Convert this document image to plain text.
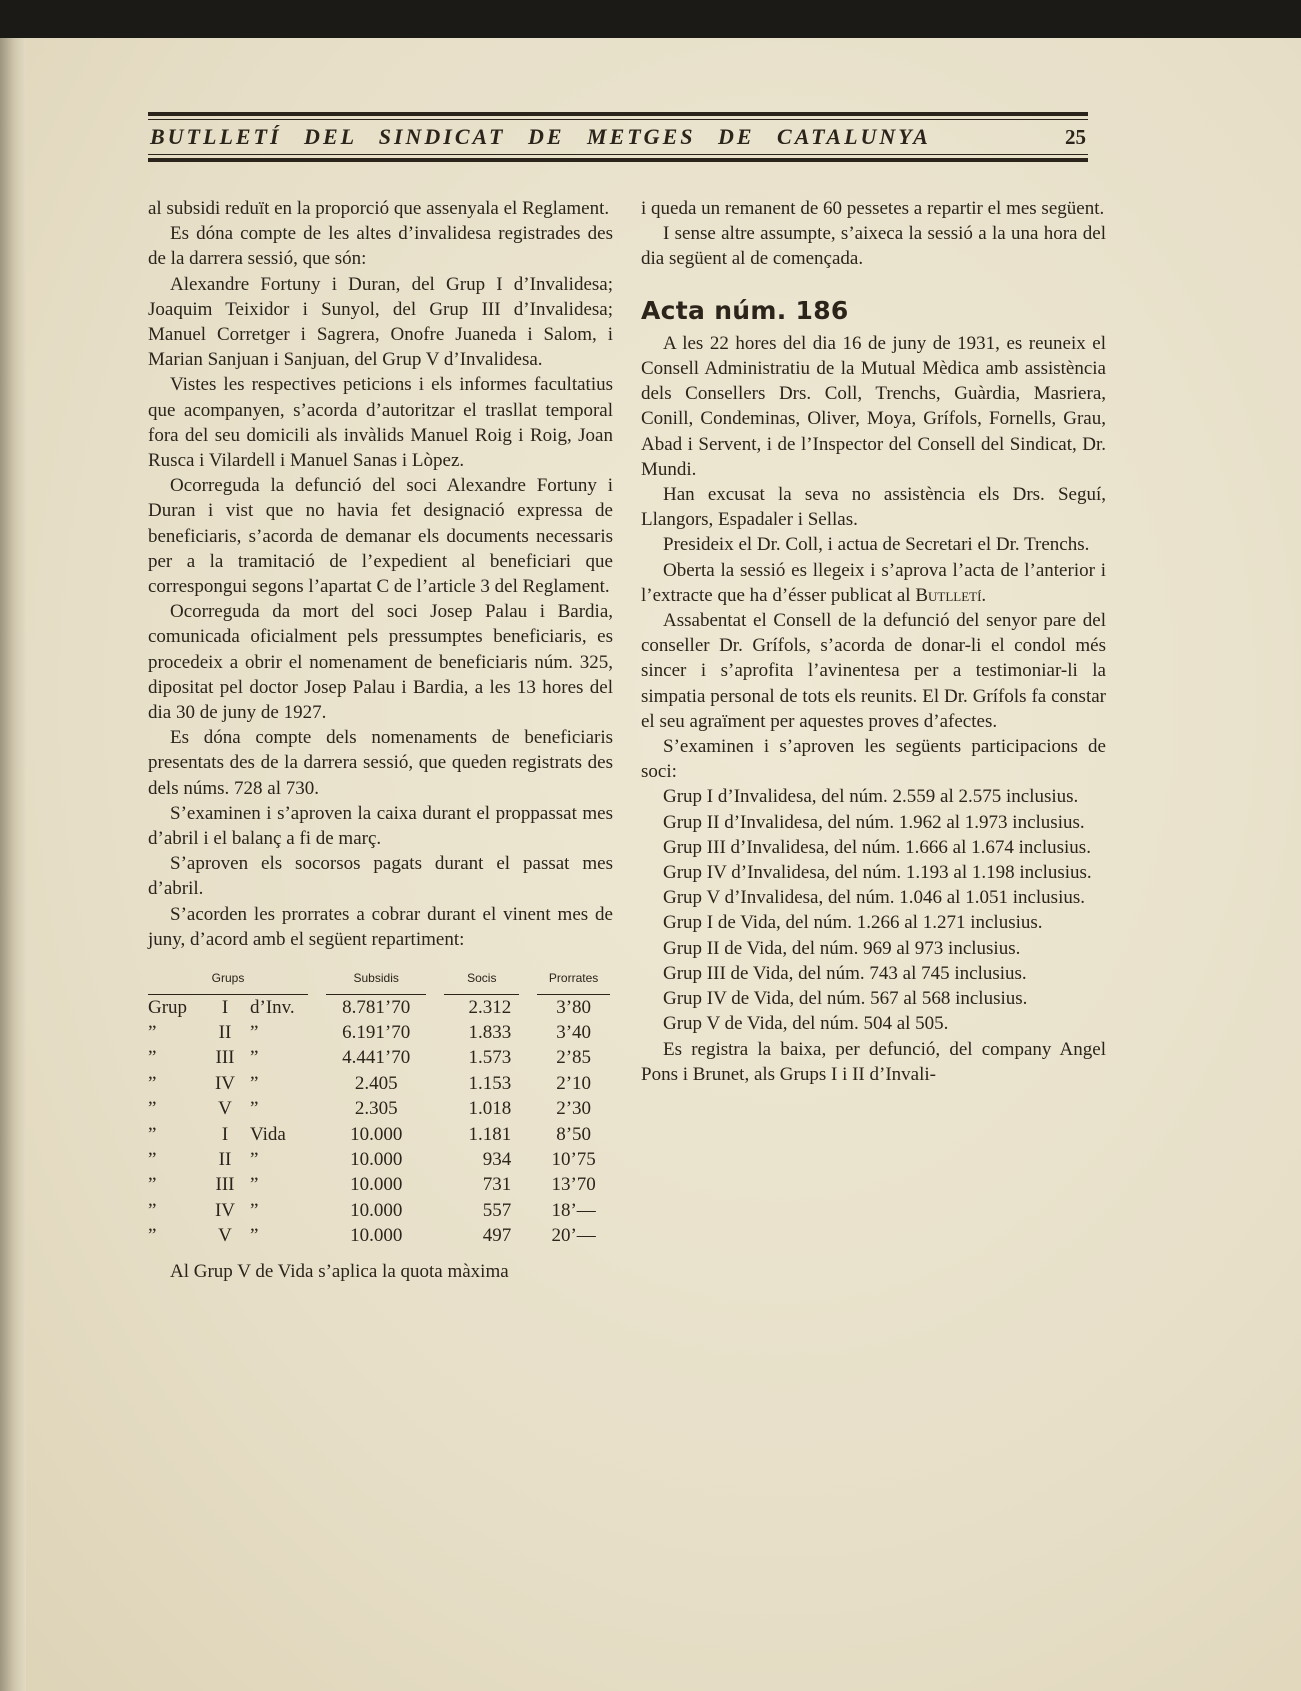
BUTLLETÍ DEL SINDICAT DE METGES DE CATALUNYA	25

al subsidi reduït en la proporció que assenyala el Reglament.

Es dóna compte de les altes d’invalidesa registrades des de la darrera sessió, que són:

Alexandre Fortuny i Duran, del Grup I d’Invalidesa; Joaquim Teixidor i Sunyol, del Grup III d’Invalidesa; Manuel Corretger i Sagrera, Onofre Juaneda i Salom, i Marian Sanjuan i Sanjuan, del Grup V d’Invalidesa.

Vistes les respectives peticions i els informes facultatius que acompanyen, s’acorda d’autoritzar el trasllat temporal fora del seu domicili als invàlids Manuel Roig i Roig, Joan Rusca i Vilardell i Manuel Sanas i Lòpez.

Ocorreguda la defunció del soci Alexandre Fortuny i Duran i vist que no havia fet designació expressa de beneficiaris, s’acorda de demanar els documents necessaris per a la tramitació de l’expedient al beneficiari que correspongui segons l’apartat C de l’article 3 del Reglament.

Ocorreguda da mort del soci Josep Palau i Bardia, comunicada oficialment pels pressumptes beneficiaris, es procedeix a obrir el nomenament de beneficiaris núm. 325, dipositat pel doctor Josep Palau i Bardia, a les 13 hores del dia 30 de juny de 1927.

Es dóna compte dels nomenaments de beneficiaris presentats des de la darrera sessió, que queden registrats des dels núms. 728 al 730.

S’examinen i s’aproven la caixa durant el proppassat mes d’abril i el balanç a fi de març.

S’aproven els socorsos pagats durant el passat mes d’abril.

S’acorden les prorrates a cobrar durant el vinent mes de juny, d’acord amb el següent repartiment:

Grups				Subsidis		Socis		Prorrates
Grup	I	d’Inv.		8.781’70		2.312		3’80
”	II	”		6.191’70		1.833		3’40
”	III	”		4.441’70		1.573		2’85
”	IV	”		2.405		1.153		2’10
”	V	”		2.305		1.018		2’30
”	I	Vida		10.000		1.181		8’50
”	II	”		10.000		934		10’75
”	III	”		10.000		731		13’70
”	IV	”		10.000		557		18’—
”	V	”		10.000		497		20’—

Al Grup V de Vida s’aplica la quota màxima

i queda un remanent de 60 pessetes a repartir el mes següent.

I sense altre assumpte, s’aixeca la sessió a la una hora del dia següent al de començada.

Acta núm. 186

A les 22 hores del dia 16 de juny de 1931, es reuneix el Consell Administratiu de la Mutual Mèdica amb assistència dels Consellers Drs. Coll, Trenchs, Guàrdia, Masriera, Conill, Condeminas, Oliver, Moya, Grífols, Fornells, Grau, Abad i Servent, i de l’Inspector del Consell del Sindicat, Dr. Mundi.

Han excusat la seva no assistència els Drs. Seguí, Llangors, Espadaler i Sellas.

Presideix el Dr. Coll, i actua de Secretari el Dr. Trenchs.

Oberta la sessió es llegeix i s’aprova l’acta de l’anterior i l’extracte que ha d’ésser publicat al Butlletí.

Assabentat el Consell de la defunció del senyor pare del conseller Dr. Grífols, s’acorda de donar-li el condol més sincer i s’aprofita l’avinentesa per a testimoniar-li la simpatia personal de tots els reunits. El Dr. Grífols fa constar el seu agraïment per aquestes proves d’afectes.

S’examinen i s’aproven les següents participacions de soci:

Grup I d’Invalidesa, del núm. 2.559 al 2.575 inclusius.

Grup II d’Invalidesa, del núm. 1.962 al 1.973 inclusius.

Grup III d’Invalidesa, del núm. 1.666 al 1.674 inclusius.

Grup IV d’Invalidesa, del núm. 1.193 al 1.198 inclusius.

Grup V d’Invalidesa, del núm. 1.046 al 1.051 inclusius.

Grup I de Vida, del núm. 1.266 al 1.271 inclusius.

Grup II de Vida, del núm. 969 al 973 inclusius.

Grup III de Vida, del núm. 743 al 745 inclusius.

Grup IV de Vida, del núm. 567 al 568 inclusius.

Grup V de Vida, del núm. 504 al 505.

Es registra la baixa, per defunció, del company Angel Pons i Brunet, als Grups I i II d’Invali-
